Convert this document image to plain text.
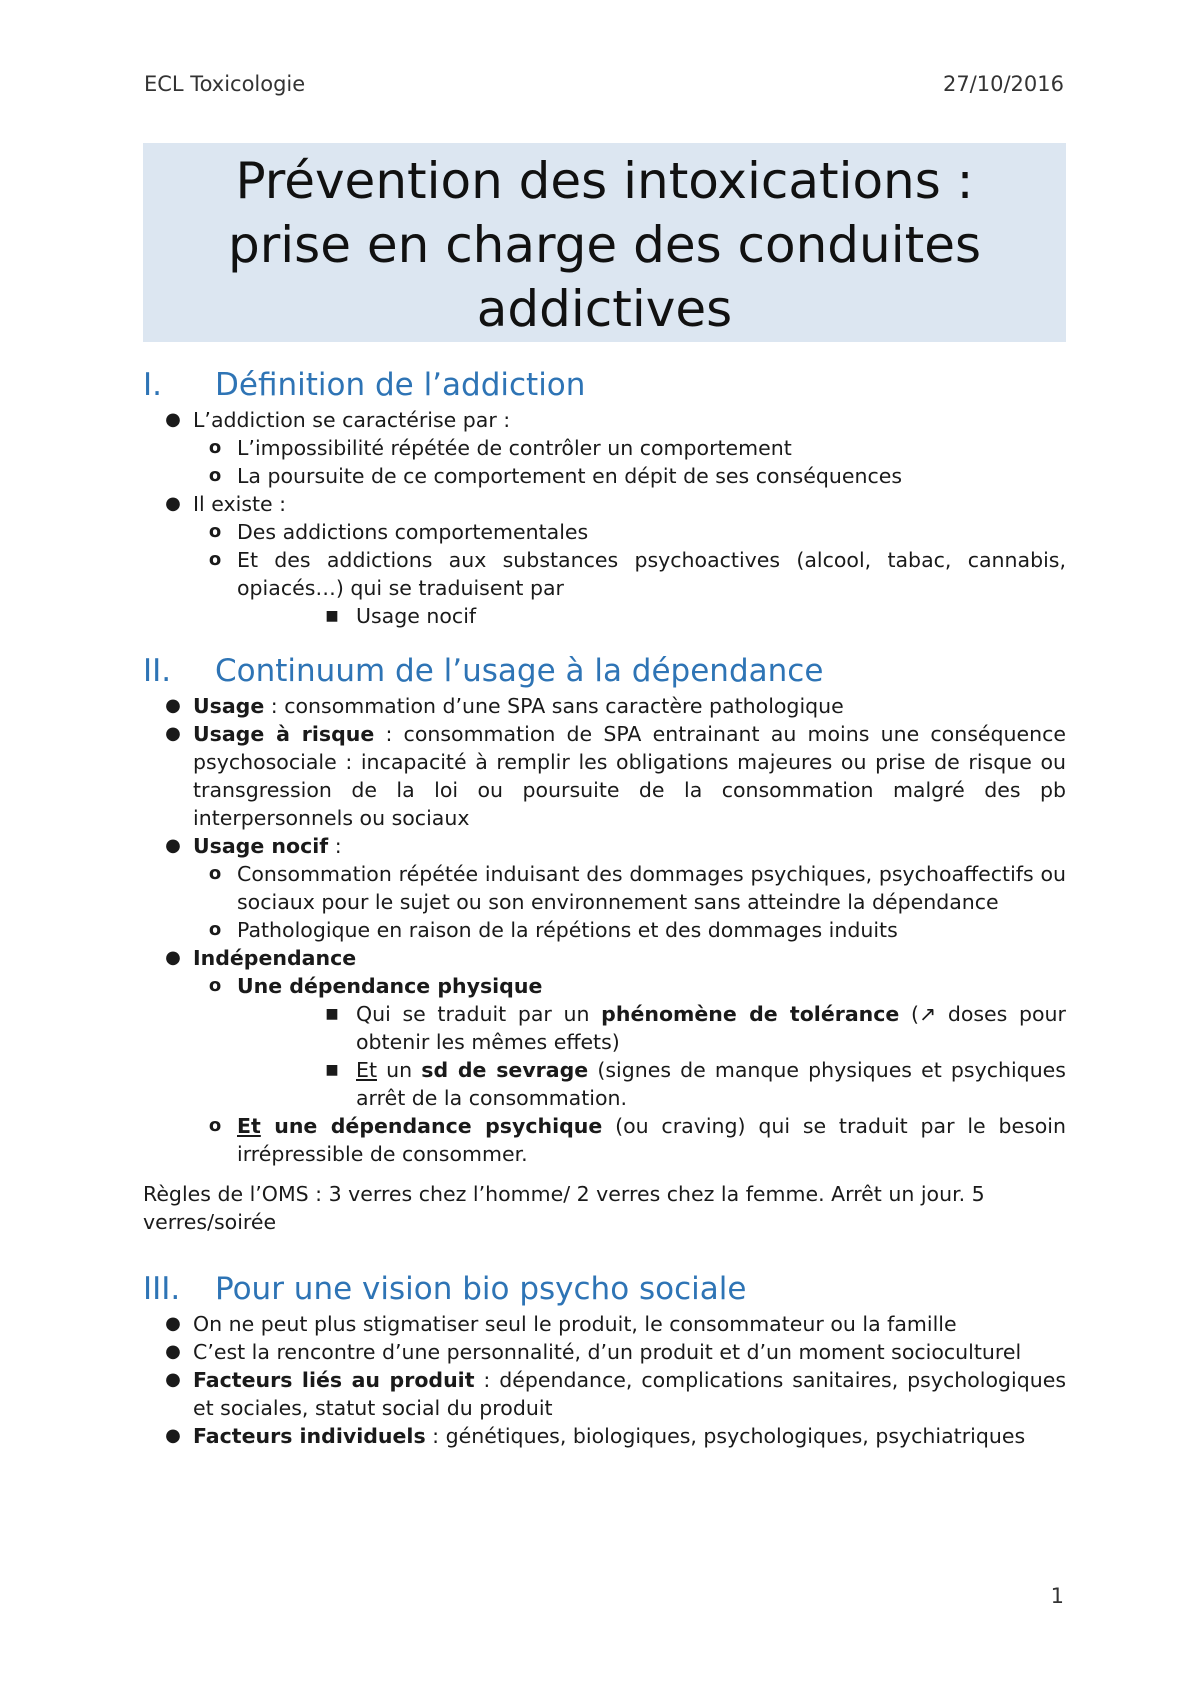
ECL Toxicologie	27/10/2016
Prévention des intoxications :
prise en charge des conduites
addictives
I.	Définition de l’addiction
● L’addiction se caractérise par :
o L’impossibilité répétée de contrôler un comportement
o La poursuite de ce comportement en dépit de ses conséquences
● Il existe :
o Des addictions comportementales
o Et des addictions aux substances psychoactives (alcool, tabac, cannabis, opiacés…) qui se traduisent par
■ Usage nocif
II.	Continuum de l’usage à la dépendance
● Usage : consommation d’une SPA sans caractère pathologique
● Usage à risque : consommation de SPA entrainant au moins une conséquence psychosociale : incapacité à remplir les obligations majeures ou prise de risque ou transgression de la loi ou poursuite de la consommation malgré des pb interpersonnels ou sociaux
● Usage nocif :
o Consommation répétée induisant des dommages psychiques, psychoaffectifs ou sociaux pour le sujet ou son environnement sans atteindre la dépendance
o Pathologique en raison de la répétions et des dommages induits
● Indépendance
o Une dépendance physique
■ Qui se traduit par un phénomène de tolérance (↗ doses pour obtenir les mêmes effets)
■ Et un sd de sevrage (signes de manque physiques et psychiques arrêt de la consommation.
o Et une dépendance psychique (ou craving) qui se traduit par le besoin irrépressible de consommer.
Règles de l’OMS : 3 verres chez l’homme/ 2 verres chez la femme. Arrêt un jour. 5 verres/soirée
III.	Pour une vision bio psycho sociale
● On ne peut plus stigmatiser seul le produit, le consommateur ou la famille
● C’est la rencontre d’une personnalité, d’un produit et d’un moment socioculturel
● Facteurs liés au produit : dépendance, complications sanitaires, psychologiques et sociales, statut social du produit
● Facteurs individuels : génétiques, biologiques, psychologiques, psychiatriques
1
